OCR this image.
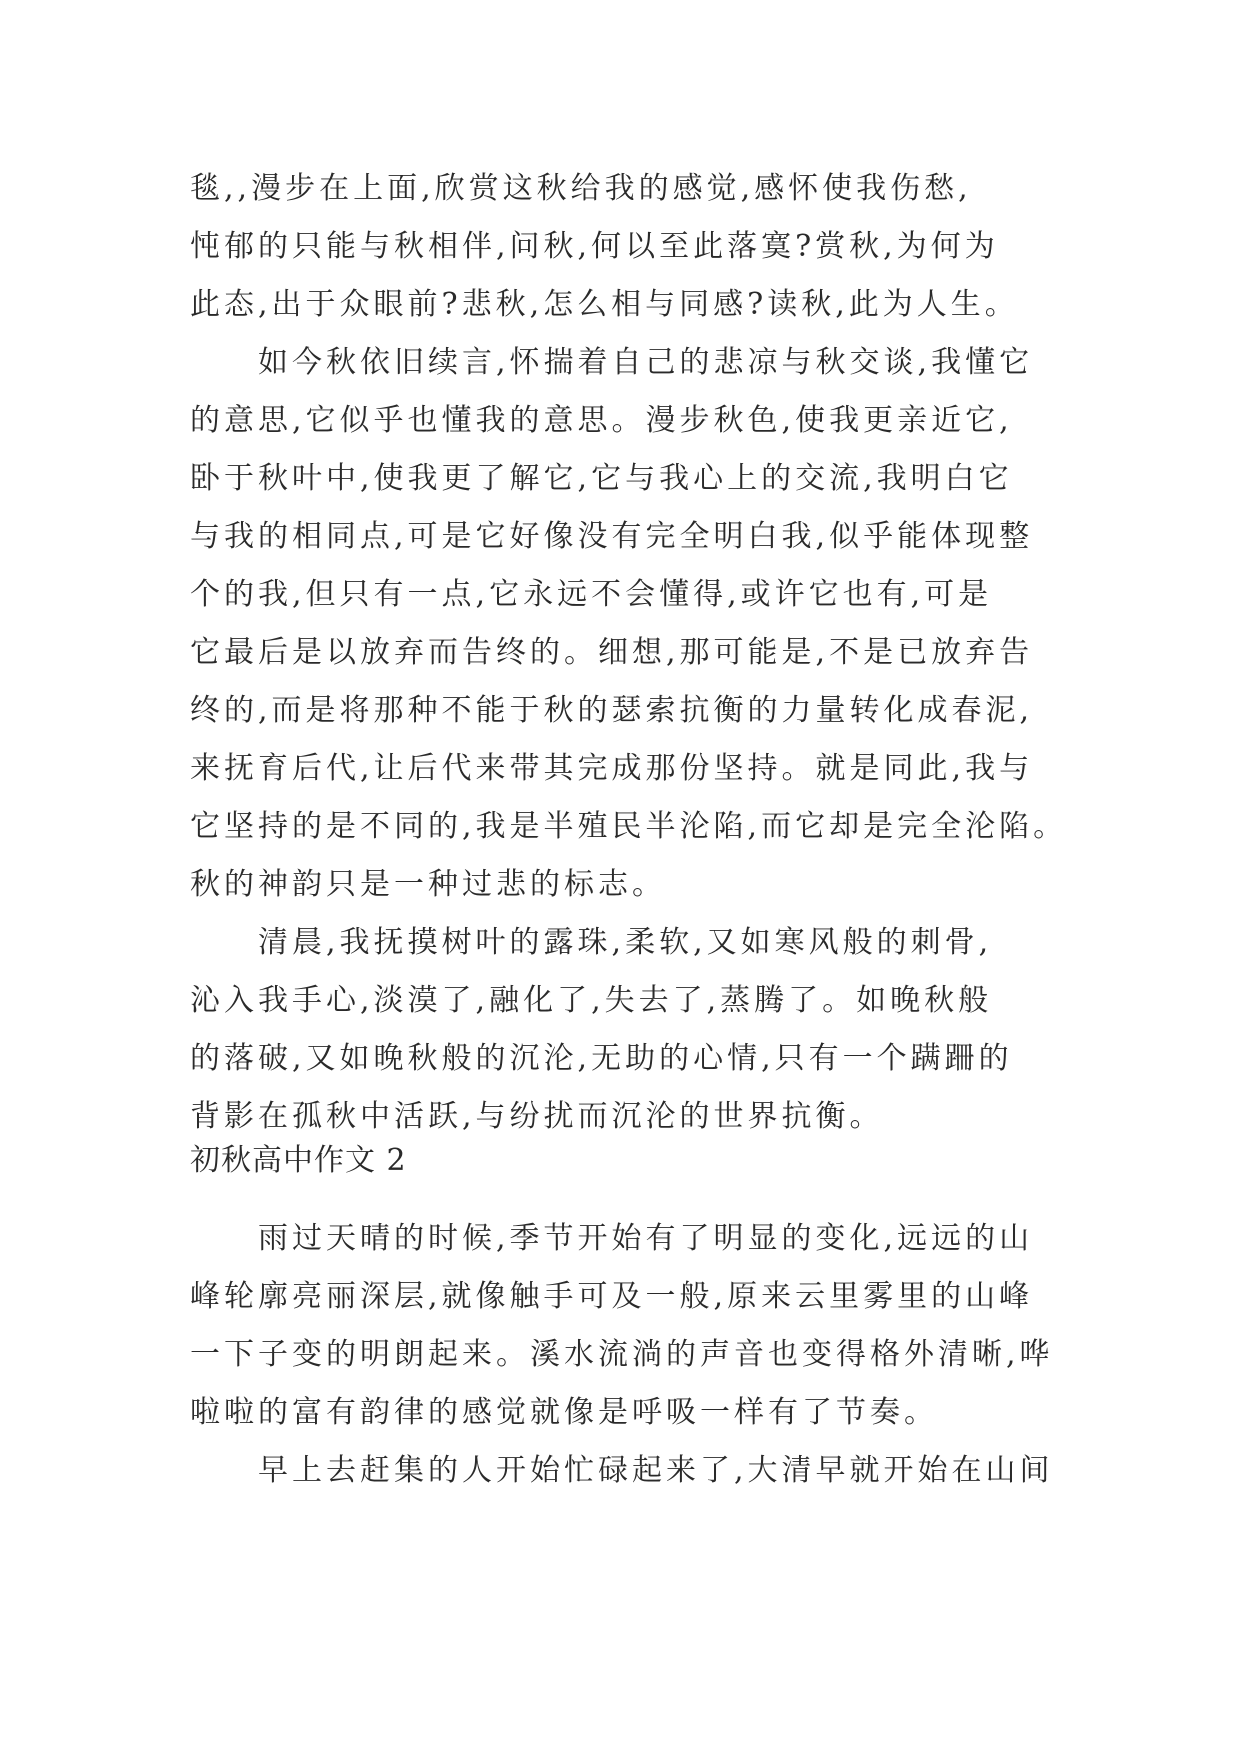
毯,,漫步在上面,欣赏这秋给我的感觉,感怀使我伤愁,
忳郁的只能与秋相伴,问秋,何以至此落寞?赏秋,为何为
此态,出于众眼前?悲秋,怎么相与同感?读秋,此为人生。
　　如今秋依旧续言,怀揣着自己的悲凉与秋交谈,我懂它
的意思,它似乎也懂我的意思。漫步秋色,使我更亲近它,
卧于秋叶中,使我更了解它,它与我心上的交流,我明白它
与我的相同点,可是它好像没有完全明白我,似乎能体现整
个的我,但只有一点,它永远不会懂得,或许它也有,可是
它最后是以放弃而告终的。细想,那可能是,不是已放弃告
终的,而是将那种不能于秋的瑟索抗衡的力量转化成春泥,
来抚育后代,让后代来带其完成那份坚持。就是同此,我与
它坚持的是不同的,我是半殖民半沦陷,而它却是完全沦陷。
秋的神韵只是一种过悲的标志。
　　清晨,我抚摸树叶的露珠,柔软,又如寒风般的刺骨,
沁入我手心,淡漠了,融化了,失去了,蒸腾了。如晚秋般
的落破,又如晚秋般的沉沦,无助的心情,只有一个蹒跚的
背影在孤秋中活跃,与纷扰而沉沦的世界抗衡。
初秋高中作文 2
　　雨过天晴的时候,季节开始有了明显的变化,远远的山
峰轮廓亮丽深层,就像触手可及一般,原来云里雾里的山峰
一下子变的明朗起来。溪水流淌的声音也变得格外清晰,哗
啦啦的富有韵律的感觉就像是呼吸一样有了节奏。
　　早上去赶集的人开始忙碌起来了,大清早就开始在山间
